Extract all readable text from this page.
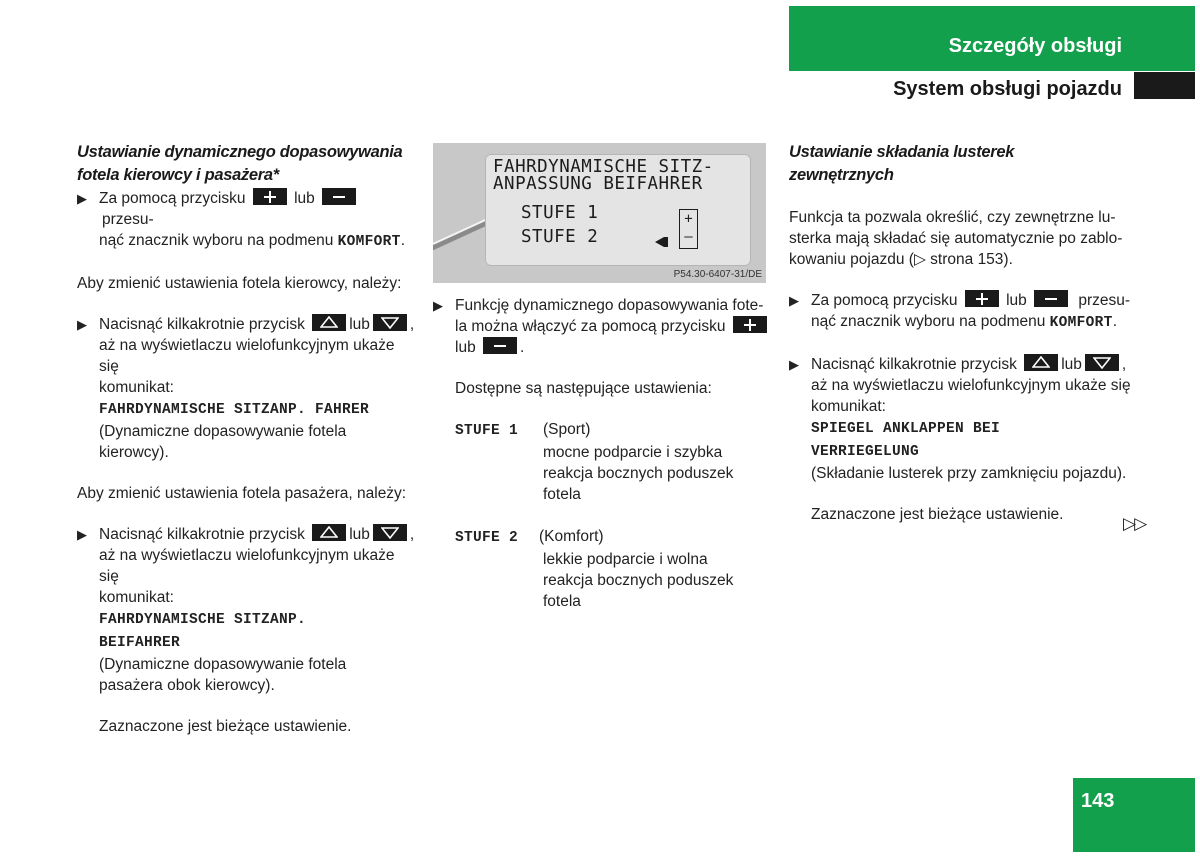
Szczegóły obsługi
System obsługi pojazdu
Ustawianie dynamicznego dopasowywania
fotela kierowcy i pasażera*
▶ Za pomocą przycisku	lub  przesu-
nąć znacznik wyboru na podmenu KOMFORT.

Aby zmienić ustawienia fotela kierowcy, należy:

▶ Nacisnąć kilkakrotnie przycisk	lub	,
aż na wyświetlaczu wielofunkcyjnym ukaże się
komunikat:
FAHRDYNAMISCHE SITZANP. FAHRER
(Dynamiczne dopasowywanie fotela kierowcy).

Aby zmienić ustawienia fotela pasażera, należy:

▶ Nacisnąć kilkakrotnie przycisk	lub	,
aż na wyświetlaczu wielofunkcyjnym ukaże się
komunikat:
FAHRDYNAMISCHE SITZANP.
BEIFAHRER
(Dynamiczne dopasowywanie fotela
pasażera obok kierowcy).

Zaznaczone jest bieżące ustawienie.

FAHRDYNAMISCHE SITZ-
ANPASSUNG BEIFAHRER
STUFE 1
STUFE 2
+
–
P54.30-6407-31/DE
▶ Funkcję dynamicznego dopasowywania fote-
la można włączyć za pomocą przycisku
lub	.

Dostępne są następujące ustawienia:

STUFE 1 (Sport)
mocne podparcie i szybka
reakcja bocznych poduszek
fotela
STUFE 2 (Komfort)
lekkie podparcie i wolna
reakcja bocznych poduszek
fotela
Ustawianie składania lusterek
zewnętrznych
Funkcja ta pozwala określić, czy zewnętrzne lu-
sterka mają składać się automatycznie po zablo-
kowaniu pojazdu (▷ strona 153).
▶ Za pomocą przycisku	lub	przesu-
nąć znacznik wyboru na podmenu KOMFORT.
▶ Nacisnąć kilkakrotnie przycisk	lub	,
aż na wyświetlaczu wielofunkcyjnym ukaże się
komunikat:
SPIEGEL ANKLAPPEN BEI
VERRIEGELUNG
(Składanie lusterek przy zamknięciu pojazdu).

Zaznaczone jest bieżące ustawienie.	▷▷
143
